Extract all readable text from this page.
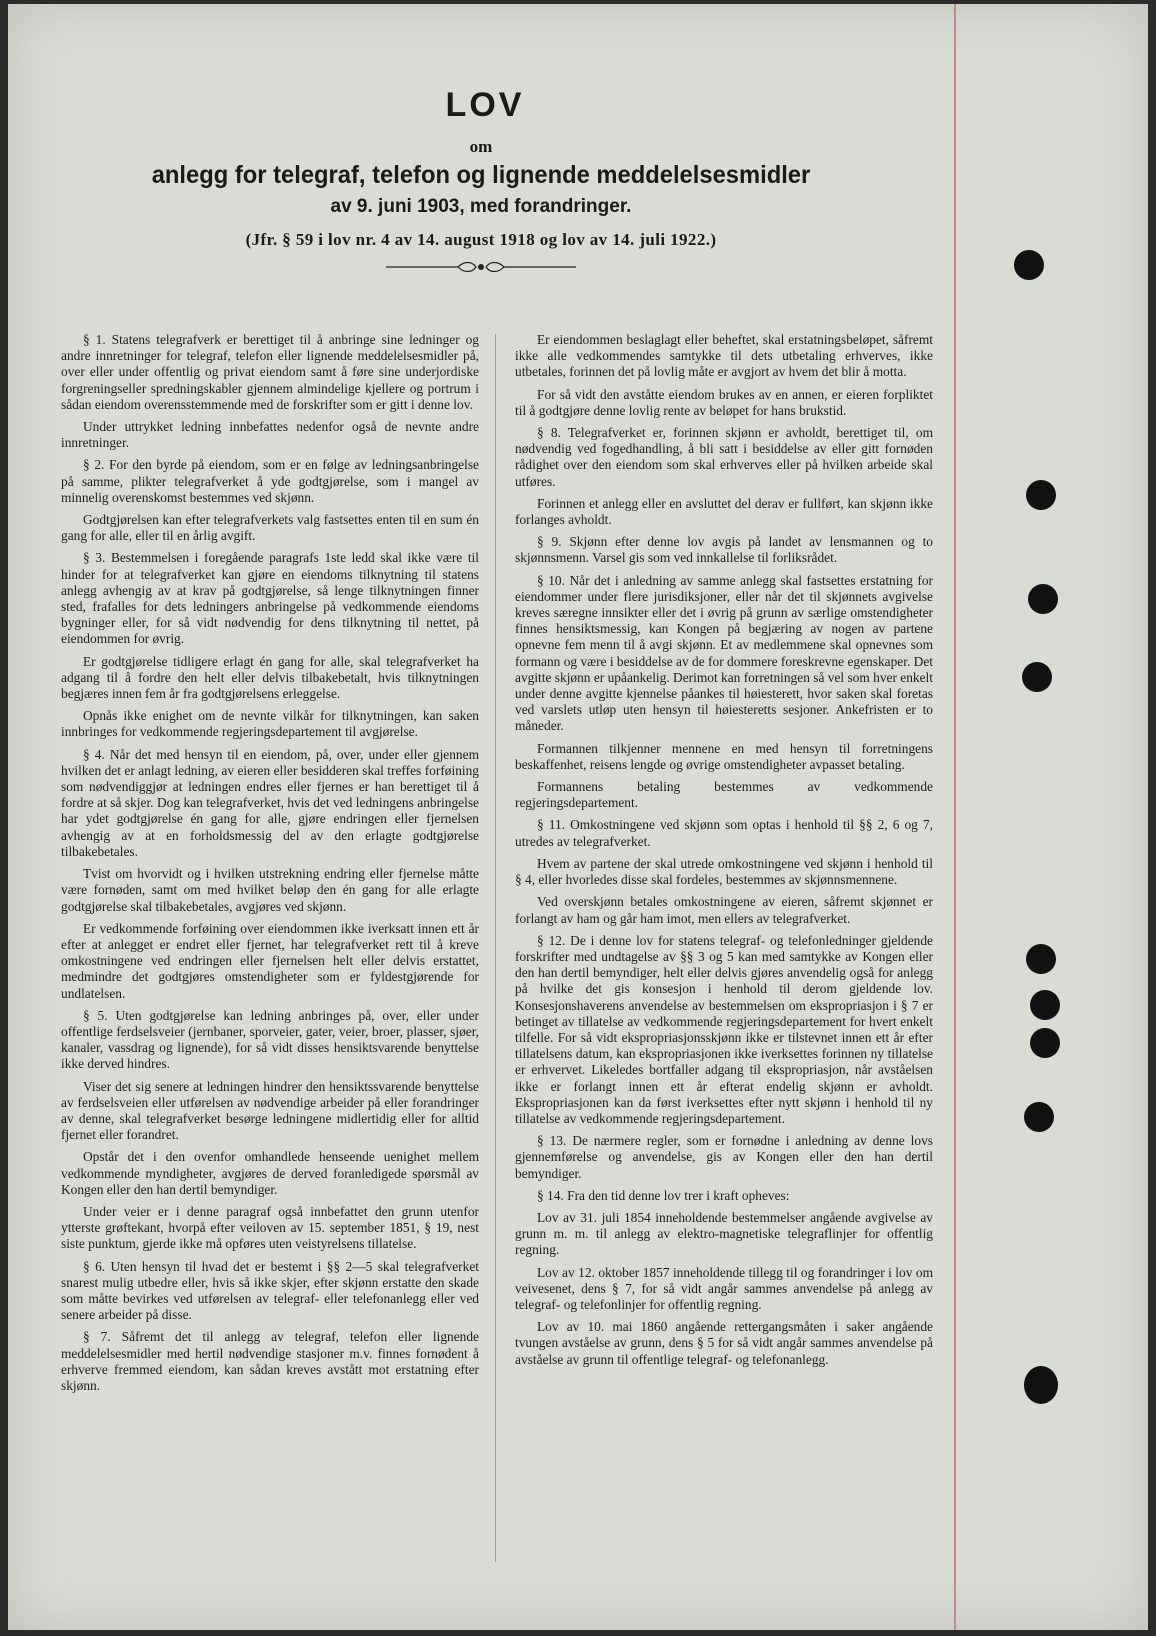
LOV
om
anlegg for telegraf, telefon og lignende meddelelsesmidler
av 9. juni 1903, med forandringer.
(Jfr. § 59 i lov nr. 4 av 14. august 1918 og lov av 14. juli 1922.)

§ 1. Statens telegrafverk er berettiget til å anbringe sine ledninger og andre innretninger for telegraf, telefon eller lignende meddelelsesmidler på, over eller under offentlig og privat eiendom samt å føre sine underjordiske forgreningseller spredningskabler gjennem almindelige kjellere og portrum i sådan eiendom overensstemmende med de forskrifter som er gitt i denne lov.

Under uttrykket ledning innbefattes nedenfor også de nevnte andre innretninger.

§ 2. For den byrde på eiendom, som er en følge av ledningsanbringelse på samme, plikter telegrafverket å yde godtgjørelse, som i mangel av minnelig overenskomst bestemmes ved skjønn.

Godtgjørelsen kan efter telegrafverkets valg fastsettes enten til en sum én gang for alle, eller til en årlig avgift.

§ 3. Bestemmelsen i foregående paragrafs 1ste ledd skal ikke være til hinder for at telegrafverket kan gjøre en eiendoms tilknytning til statens anlegg avhengig av at krav på godtgjørelse, så lenge tilknytningen finner sted, frafalles for dets ledningers anbringelse på vedkommende eiendoms bygninger eller, for så vidt nødvendig for dens tilknytning til nettet, på eiendommen for øvrig.

Er godtgjørelse tidligere erlagt én gang for alle, skal telegrafverket ha adgang til å fordre den helt eller delvis tilbakebetalt, hvis tilknytningen begjæres innen fem år fra godtgjørelsens erleggelse.

Opnås ikke enighet om de nevnte vilkår for tilknytningen, kan saken innbringes for vedkommende regjeringsdepartement til avgjørelse.

§ 4. Når det med hensyn til en eiendom, på, over, under eller gjennem hvilken det er anlagt ledning, av eieren eller besidderen skal treffes forføining som nødvendiggjør at ledningen endres eller fjernes er han berettiget til å fordre at så skjer. Dog kan telegrafverket, hvis det ved ledningens anbringelse har ydet godtgjørelse én gang for alle, gjøre endringen eller fjernelsen avhengig av at en forholdsmessig del av den erlagte godtgjørelse tilbakebetales.

Tvist om hvorvidt og i hvilken utstrekning endring eller fjernelse måtte være fornøden, samt om med hvilket beløp den én gang for alle erlagte godtgjørelse skal tilbakebetales, avgjøres ved skjønn.

Er vedkommende forføining over eiendommen ikke iverksatt innen ett år efter at anlegget er endret eller fjernet, har telegrafverket rett til å kreve omkostningene ved endringen eller fjernelsen helt eller delvis erstattet, medmindre det godtgjøres omstendigheter som er fyldestgjørende for undlatelsen.

§ 5. Uten godtgjørelse kan ledning anbringes på, over, eller under offentlige ferdselsveier (jernbaner, sporveier, gater, veier, broer, plasser, sjøer, kanaler, vassdrag og lignende), for så vidt disses hensiktsvarende benyttelse ikke derved hindres.

Viser det sig senere at ledningen hindrer den hensiktssvarende benyttelse av ferdselsveien eller utførelsen av nødvendige arbeider på eller forandringer av denne, skal telegrafverket besørge ledningene midlertidig eller for alltid fjernet eller forandret.

Opstår det i den ovenfor omhandlede henseende uenighet mellem vedkommende myndigheter, avgjøres de derved foranledigede spørsmål av Kongen eller den han dertil bemyndiger.

Under veier er i denne paragraf også innbefattet den grunn utenfor ytterste grøftekant, hvorpå efter veiloven av 15. september 1851, § 19, nest siste punktum, gjerde ikke må opføres uten veistyrelsens tillatelse.

§ 6. Uten hensyn til hvad det er bestemt i §§ 2—5 skal telegrafverket snarest mulig utbedre eller, hvis så ikke skjer, efter skjønn erstatte den skade som måtte bevirkes ved utførelsen av telegraf- eller telefonanlegg eller ved senere arbeider på disse.

§ 7. Såfremt det til anlegg av telegraf, telefon eller lignende meddelelsesmidler med hertil nødvendige stasjoner m.v. finnes fornødent å erhverve fremmed eiendom, kan sådan kreves avstått mot erstatning efter skjønn.

Er eiendommen beslaglagt eller beheftet, skal erstatningsbeløpet, såfremt ikke alle vedkommendes samtykke til dets utbetaling erhverves, ikke utbetales, forinnen det på lovlig måte er avgjort av hvem det blir å motta.

For så vidt den avståtte eiendom brukes av en annen, er eieren forpliktet til å godtgjøre denne lovlig rente av beløpet for hans brukstid.

§ 8. Telegrafverket er, forinnen skjønn er avholdt, berettiget til, om nødvendig ved fogedhandling, å bli satt i besiddelse av eller gitt fornøden rådighet over den eiendom som skal erhverves eller på hvilken arbeide skal utføres.

Forinnen et anlegg eller en avsluttet del derav er fullført, kan skjønn ikke forlanges avholdt.

§ 9. Skjønn efter denne lov avgis på landet av lensmannen og to skjønnsmenn. Varsel gis som ved innkallelse til forliksrådet.

§ 10. Når det i anledning av samme anlegg skal fastsettes erstatning for eiendommer under flere jurisdiksjoner, eller når det til skjønnets avgivelse kreves særegne innsikter eller det i øvrig på grunn av særlige omstendigheter finnes hensiktsmessig, kan Kongen på begjæring av nogen av partene opnevne fem menn til å avgi skjønn. Et av medlemmene skal opnevnes som formann og være i besiddelse av de for dommere foreskrevne egenskaper. Det avgitte skjønn er upåankelig. Derimot kan forretningen så vel som hver enkelt under denne avgitte kjennelse påankes til høiesterett, hvor saken skal foretas ved varslets utløp uten hensyn til høiesteretts sesjoner. Ankefristen er to måneder.

Formannen tilkjenner mennene en med hensyn til forretningens beskaffenhet, reisens lengde og øvrige omstendigheter avpasset betaling.

Formannens betaling bestemmes av vedkommende regjeringsdepartement.

§ 11. Omkostningene ved skjønn som optas i henhold til §§ 2, 6 og 7, utredes av telegrafverket.

Hvem av partene der skal utrede omkostningene ved skjønn i henhold til § 4, eller hvorledes disse skal fordeles, bestemmes av skjønnsmennene.

Ved overskjønn betales omkostningene av eieren, såfremt skjønnet er forlangt av ham og går ham imot, men ellers av telegrafverket.

§ 12. De i denne lov for statens telegraf- og telefonledninger gjeldende forskrifter med undtagelse av §§ 3 og 5 kan med samtykke av Kongen eller den han dertil bemyndiger, helt eller delvis gjøres anvendelig også for anlegg på hvilke det gis konsesjon i henhold til derom gjeldende lov. Konsesjonshaverens anvendelse av bestemmelsen om ekspropriasjon i § 7 er betinget av tillatelse av vedkommende regjeringsdepartement for hvert enkelt tilfelle. For så vidt ekspropriasjonsskjønn ikke er tilstevnet innen ett år efter tillatelsens datum, kan ekspropriasjonen ikke iverksettes forinnen ny tillatelse er erhvervet. Likeledes bortfaller adgang til ekspropriasjon, når avståelsen ikke er forlangt innen ett år efterat endelig skjønn er avholdt. Ekspropriasjonen kan da først iverksettes efter nytt skjønn i henhold til ny tillatelse av vedkommende regjeringsdepartement.

§ 13. De nærmere regler, som er fornødne i anledning av denne lovs gjennemførelse og anvendelse, gis av Kongen eller den han dertil bemyndiger.

§ 14. Fra den tid denne lov trer i kraft opheves:

Lov av 31. juli 1854 inneholdende bestemmelser angående avgivelse av grunn m. m. til anlegg av elektro-magnetiske telegraflinjer for offentlig regning.

Lov av 12. oktober 1857 inneholdende tillegg til og forandringer i lov om veivesenet, dens § 7, for så vidt angår sammes anvendelse på anlegg av telegraf- og telefonlinjer for offentlig regning.

Lov av 10. mai 1860 angående rettergangsmåten i saker angående tvungen avståelse av grunn, dens § 5 for så vidt angår sammes anvendelse på avståelse av grunn til offentlige telegraf- og telefonanlegg.
